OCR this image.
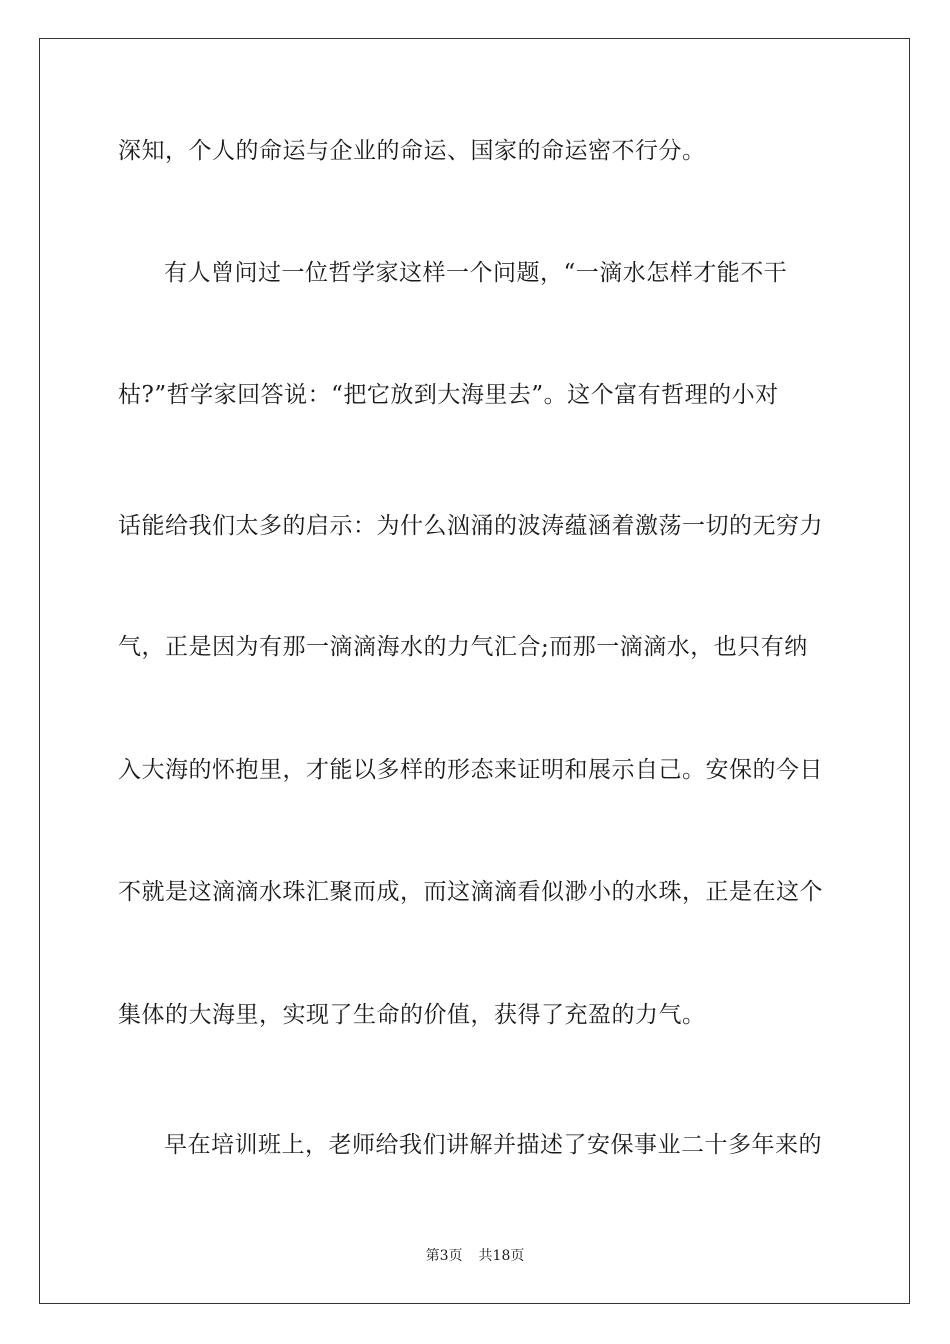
深知，个人的命运与企业的命运、国家的命运密不行分。
有人曾问过一位哲学家这样一个问题，“一滴水怎样才能不干
枯?”哲学家回答说：“把它放到大海里去”。这个富有哲理的小对
话能给我们太多的启示：为什么汹涌的波涛蕴涵着激荡一切的无穷力
气，正是因为有那一滴滴海水的力气汇合;而那一滴滴水，也只有纳
入大海的怀抱里，才能以多样的形态来证明和展示自己。安保的今日
不就是这滴滴水珠汇聚而成，而这滴滴看似渺小的水珠，正是在这个
集体的大海里，实现了生命的价值，获得了充盈的力气。
早在培训班上，老师给我们讲解并描述了安保事业二十多年来的
第3页 共18页
